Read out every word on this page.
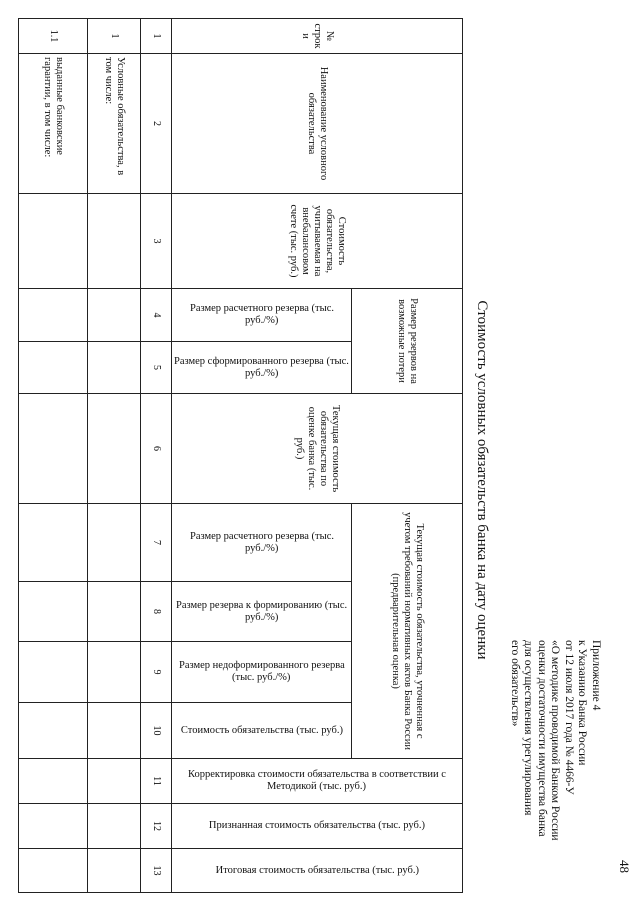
48
Приложение 4
к Указанию Банка России
от 12 июля 2017 года № 4466-У
«О методике проводимой Банком России
оценки достаточности имущества банка
для осуществления урегулирования
его обязательств»
Стоимость условных обязательств банка на дату оценки
№ строк и
Наименование условного обязательства
Стоимость обязательства, учитываемая на внебалансовом счете (тыс. руб.)
Размер резервов на возможные потери
Текущая стоимость обязательства по оценке банка (тыс. руб.)
Текущая стоимость обязательства, уточненная с учетом требований нормативных актов Банка России (предварительная оценка)
Корректировка стоимости обязательства в соответствии с Методикой (тыс. руб.)
Признанная стоимость обязательства (тыс. руб.)
Итоговая стоимость обязательства (тыс. руб.)
Размер расчетного резерва (тыс. руб./%)
Размер сформированного резерва (тыс. руб./%)
Размер расчетного резерва (тыс. руб./%)
Размер резерва к формированию (тыс. руб./%)
Размер недоформированного резерва (тыс. руб./%)
Стоимость обязательства (тыс. руб.)
1
2
3
4
5
6
7
8
9
10
11
12
13
1
Условные обязательства, в том числе:
1.1
выданные банковские гарантии, в том числе:
